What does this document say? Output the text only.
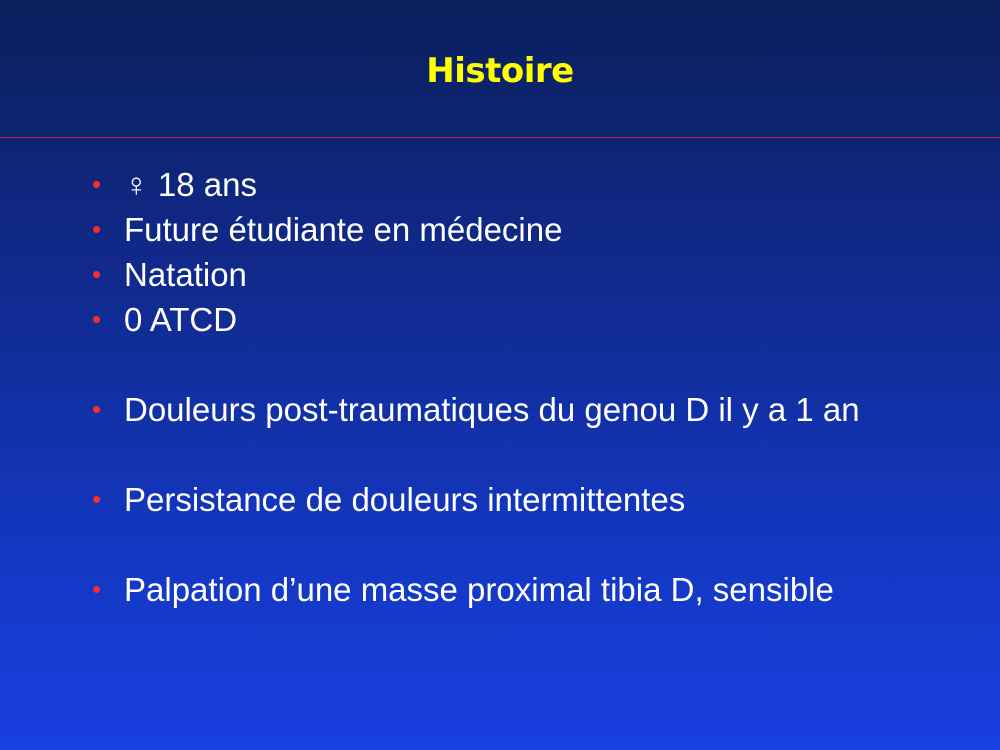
Histoire
• ♀ 18 ans
• Future étudiante en médecine
• Natation
• 0 ATCD
• Douleurs post-traumatiques du genou D il y a 1 an
• Persistance de douleurs intermittentes
• Palpation d’une masse proximal tibia D, sensible
